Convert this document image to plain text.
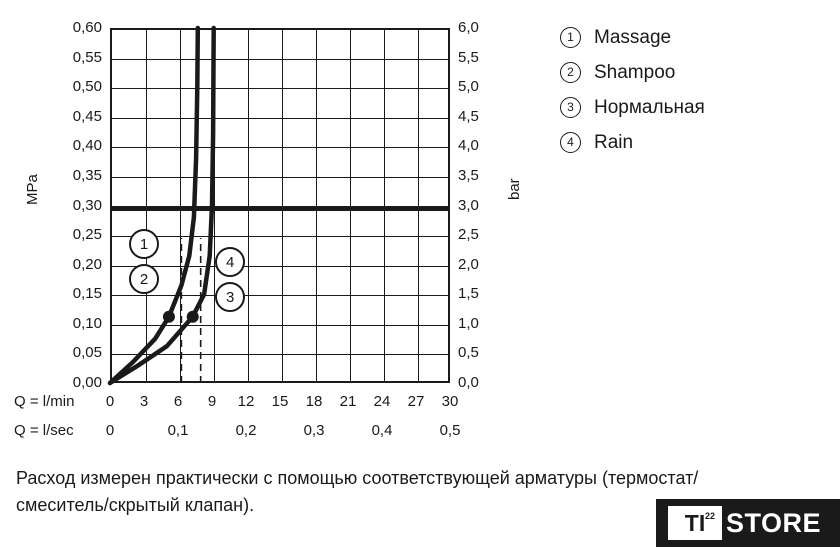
MPa	bar
0,60
0,55
0,50
0,45
0,40
0,35
0,30
0,25
0,20
0,15
0,10
0,05
0,00
6,0
5,5
5,0
4,5
4,0
3,5
3,0
2,5
2,0
1,5
1,0
0,5
0,0
1
2
3
4
Q = l/min	0	3	6	9	12	15	18	21	24	27	30
Q = l/sec	0	0,1	0,2	0,3	0,4	0,5
1	Massage
2	Shampoo
3	Нормальная
4	Rain
Расход измерен практически с помощью соответствующей арматуры (термостат/
смеситель/скрытый клапан).
TI 22 STORE
